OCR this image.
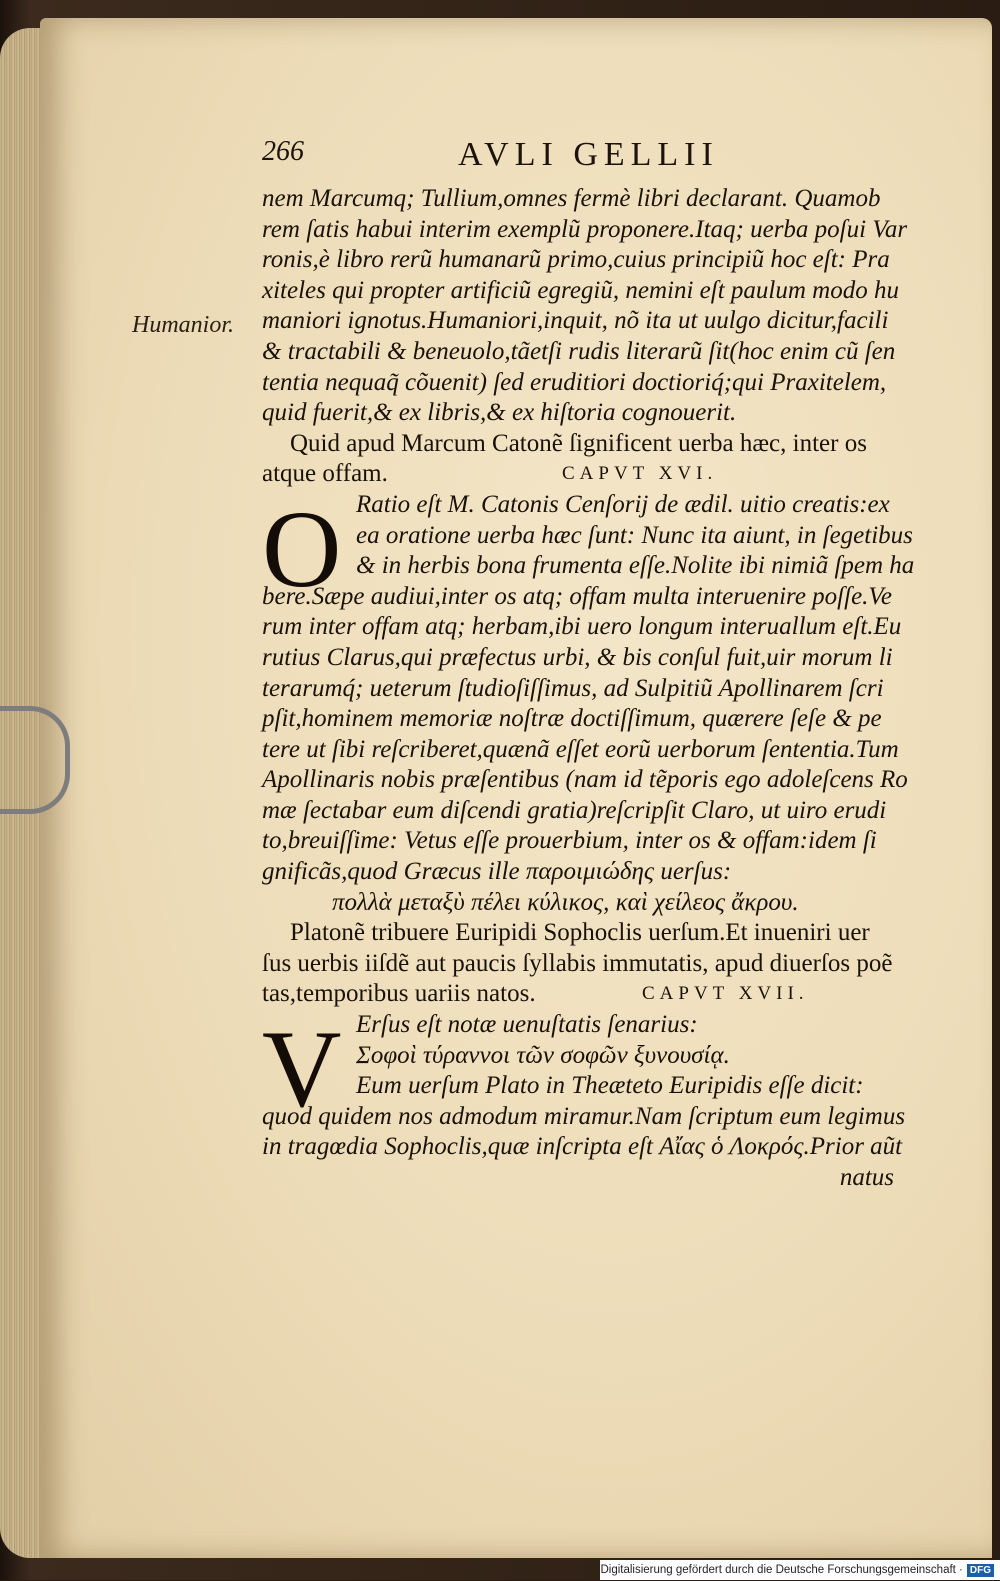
266	AVLI GELLII
Humanior.
nem Marcumq; Tullium,omnes fermè libri declarant. Quamob
rem ſatis habui interim exemplũ proponere.Itaq; uerba poſui Var
ronis,è libro rerũ humanarũ primo,cuius principiũ hoc eſt: Pra
xiteles qui propter artificiũ egregiũ, nemini eſt paulum modo hu
maniori ignotus.Humaniori,inquit, nõ ita ut uulgo dicitur,facili
& tractabili & beneuolo,tãetſi rudis literarũ ſit(hoc enim cũ ſen
tentia nequaq̃ cõuenit) ſed eruditiori doctioriq́;qui Praxitelem,
quid fuerit,& ex libris,& ex hiſtoria cognouerit.
Quid apud Marcum Catonẽ ſignificent uerba hæc, inter os
atque offam.	CAPVT XVI.
O Ratio eſt M. Catonis Cenſorij de ædil. uitio creatis:ex
ea oratione uerba hæc ſunt: Nunc ita aiunt, in ſegetibus
& in herbis bona frumenta eſſe.Nolite ibi nimiã ſpem ha
bere.Sæpe audiui,inter os atq; offam multa interuenire poſſe.Ve
rum inter offam atq; herbam,ibi uero longum interuallum eſt.Eu
rutius Clarus,qui præfectus urbi, & bis conſul fuit,uir morum li
terarumq́; ueterum ſtudioſiſſimus, ad Sulpitiũ Apollinarem ſcri
pſit,hominem memoriæ noſtræ doctiſſimum, quærere ſeſe & pe
tere ut ſibi reſcriberet,quænã eſſet eorũ uerborum ſententia.Tum
Apollinaris nobis præſentibus (nam id tẽporis ego adoleſcens Ro
mæ ſectabar eum diſcendi gratia)reſcripſit Claro, ut uiro erudi
to,breuiſſime: Vetus eſſe prouerbium, inter os & offam:idem ſi
gnificãs,quod Græcus ille παροιμιώδης uerſus:
πολλὰ μεταξὺ πέλει κύλικος, καὶ χείλεος ἄκρου.
Platonẽ tribuere Euripidi Sophoclis uerſum.Et inueniri uer
ſus uerbis iiſdẽ aut paucis ſyllabis immutatis, apud diuerſos poẽ
tas,temporibus uariis natos.	CAPVT XVII.
V Erſus eſt notæ uenuſtatis ſenarius:
Σοφοὶ τύραννοι τῶν σοφῶν ξυνουσίᾳ.
Eum uerſum Plato in Theæteto Euripidis eſſe dicit:
quod quidem nos admodum miramur.Nam ſcriptum eum legimus
in tragœdia Sophoclis,quæ inſcripta eſt Αἴας ὁ Λοκρός.Prior aũt
natus
Digitalisierung gefördert durch die Deutsche Forschungsgemeinschaft · DFG
